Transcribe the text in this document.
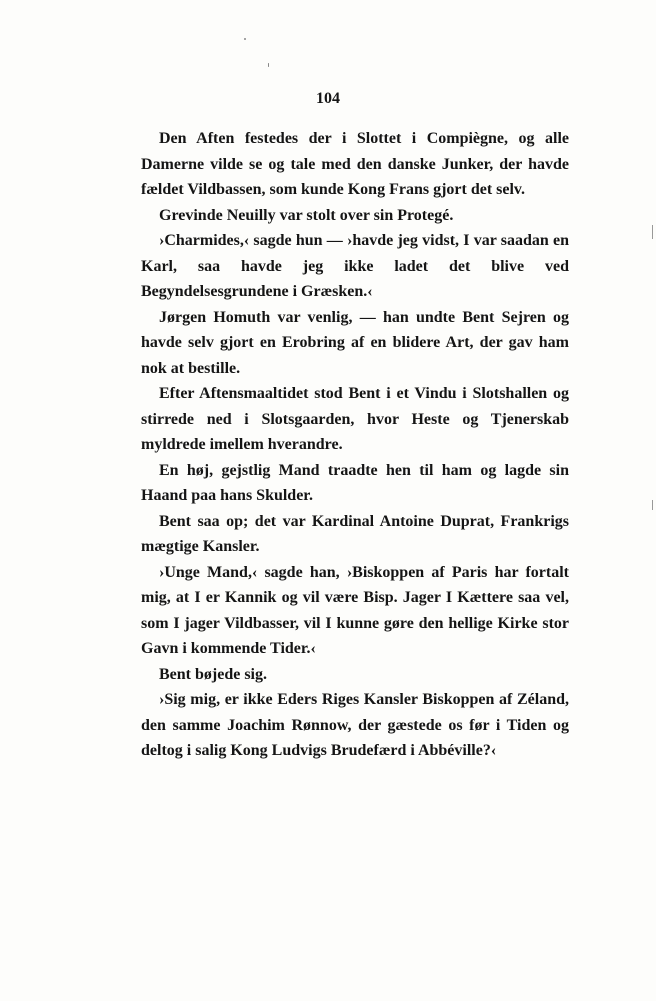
104

Den Aften festedes der i Slottet i Compiègne, og alle Damerne vilde se og tale med den danske Junker, der havde fældet Vildbassen, som kunde Kong Frans gjort det selv.

Grevinde Neuilly var stolt over sin Protegé.

›Charmides,‹ sagde hun — ›havde jeg vidst, I var saadan en Karl, saa havde jeg ikke ladet det blive ved Begyndelsesgrundene i Græsken.‹

Jørgen Homuth var venlig, — han undte Bent Sejren og havde selv gjort en Erobring af en blidere Art, der gav ham nok at bestille.

Efter Aftensmaaltidet stod Bent i et Vindu i Slotshallen og stirrede ned i Slotsgaarden, hvor Heste og Tjenerskab myldrede imellem hverandre.

En høj, gejstlig Mand traadte hen til ham og lagde sin Haand paa hans Skulder.

Bent saa op; det var Kardinal Antoine Duprat, Frankrigs mægtige Kansler.

›Unge Mand,‹ sagde han, ›Biskoppen af Paris har fortalt mig, at I er Kannik og vil være Bisp. Jager I Kættere saa vel, som I jager Vildbasser, vil I kunne gøre den hellige Kirke stor Gavn i kommende Tider.‹

Bent bøjede sig.

›Sig mig, er ikke Eders Riges Kansler Biskoppen af Zéland, den samme Joachim Rønnow, der gæstede os før i Tiden og deltog i salig Kong Ludvigs Brudefærd i Abbéville?‹
